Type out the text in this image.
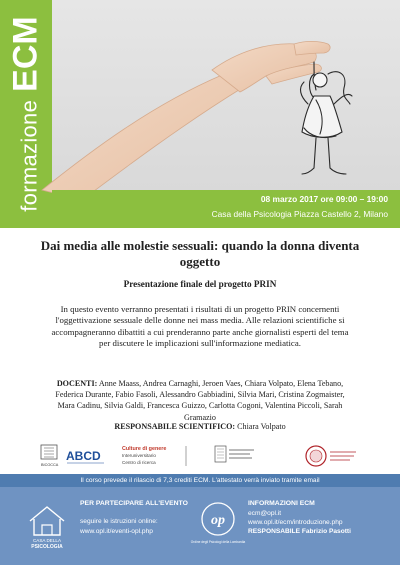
formazioneECM
08 marzo 2017 ore 09:00 – 19:00
Casa della Psicologia Piazza Castello 2, Milano
Dai media alle molestie sessuali: quando la donna diventa oggetto
Presentazione finale del progetto PRIN
In questo evento verranno presentati i risultati di un progetto PRIN concernenti l'oggettivazione sessuale delle donne nei mass media. Alle relazioni scientifiche si accompagneranno dibattiti a cui prenderanno parte anche giornalisti esperti del tema per discutere le implicazioni sull'informazione mediatica.
DOCENTI: Anne Maass, Andrea Carnaghi, Jeroen Vaes, Chiara Volpato, Elena Tebano, Federica Durante, Fabio Fasoli, Alessandro Gabbiadini, Silvia Mari, Cristina Zogmaister, Mara Cadinu, Silvia Galdi, Francesca Guizzo, Carlotta Cogoni, Valentina Piccoli, Sarah Gramazio
RESPONSABILE SCIENTIFICO: Chiara Volpato
BICOCCA
ABCD	Culture di genere
Interuniversitario
Centro di ricerca
Il corso prevede il rilascio di 7,3 crediti ECM. L'attestato verrà inviato tramite email
CASA DELLA
PSICOLOGIA
PER PARTECIPARE ALL'EVENTO
seguire le istruzioni online:
www.opl.it/eventi-opl.php
op
Ordine degli Psicologi della Lombardia
INFORMAZIONI ECM
ecm@opl.it
www.opl.it/ecm/introduzione.php
RESPONSABILE Fabrizio Pasotti
